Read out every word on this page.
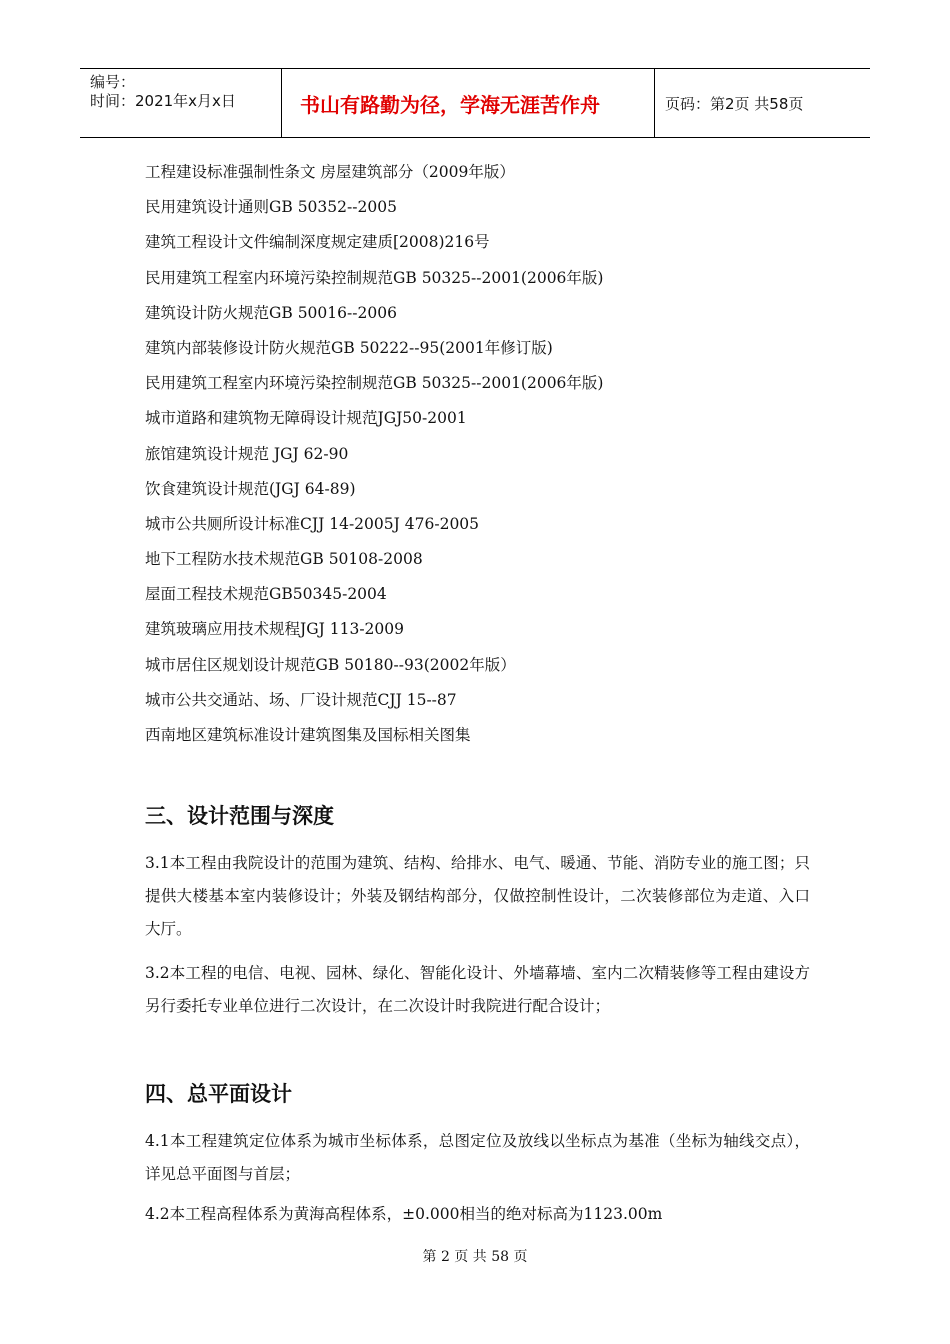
编号：
时间：2021年x月x日	书山有路勤为径，学海无涯苦作舟	页码：第2页 共58页
工程建设标准强制性条文 房屋建筑部分（2009年版）
民用建筑设计通则GB 50352--2005
建筑工程设计文件编制深度规定建质[2008)216号
民用建筑工程室内环境污染控制规范GB 50325--2001(2006年版)
建筑设计防火规范GB 50016--2006
建筑内部装修设计防火规范GB 50222--95(2001年修订版)
民用建筑工程室内环境污染控制规范GB 50325--2001(2006年版)
城市道路和建筑物无障碍设计规范JGJ50-2001
旅馆建筑设计规范 JGJ 62-90
饮食建筑设计规范(JGJ 64-89)
城市公共厕所设计标准CJJ 14-2005J 476-2005
地下工程防水技术规范GB 50108-2008
屋面工程技术规范GB50345-2004
建筑玻璃应用技术规程JGJ 113-2009
城市居住区规划设计规范GB 50180--93(2002年版）
城市公共交通站、场、厂设计规范CJJ 15--87
西南地区建筑标准设计建筑图集及国标相关图集
三、设计范围与深度

3.1本工程由我院设计的范围为建筑、结构、给排水、电气、暖通、节能、消防专业的施工图；只提供大楼基本室内装修设计；外装及钢结构部分，仅做控制性设计，二次装修部位为走道、入口大厅。

3.2本工程的电信、电视、园林、绿化、智能化设计、外墙幕墙、室内二次精装修等工程由建设方另行委托专业单位进行二次设计，在二次设计时我院进行配合设计；

四、总平面设计

4.1本工程建筑定位体系为城市坐标体系，总图定位及放线以坐标点为基准（坐标为轴线交点），详见总平面图与首层；

4.2本工程高程体系为黄海高程体系，±0.000相当的绝对标高为1123.00m

第 2 页 共 58 页
